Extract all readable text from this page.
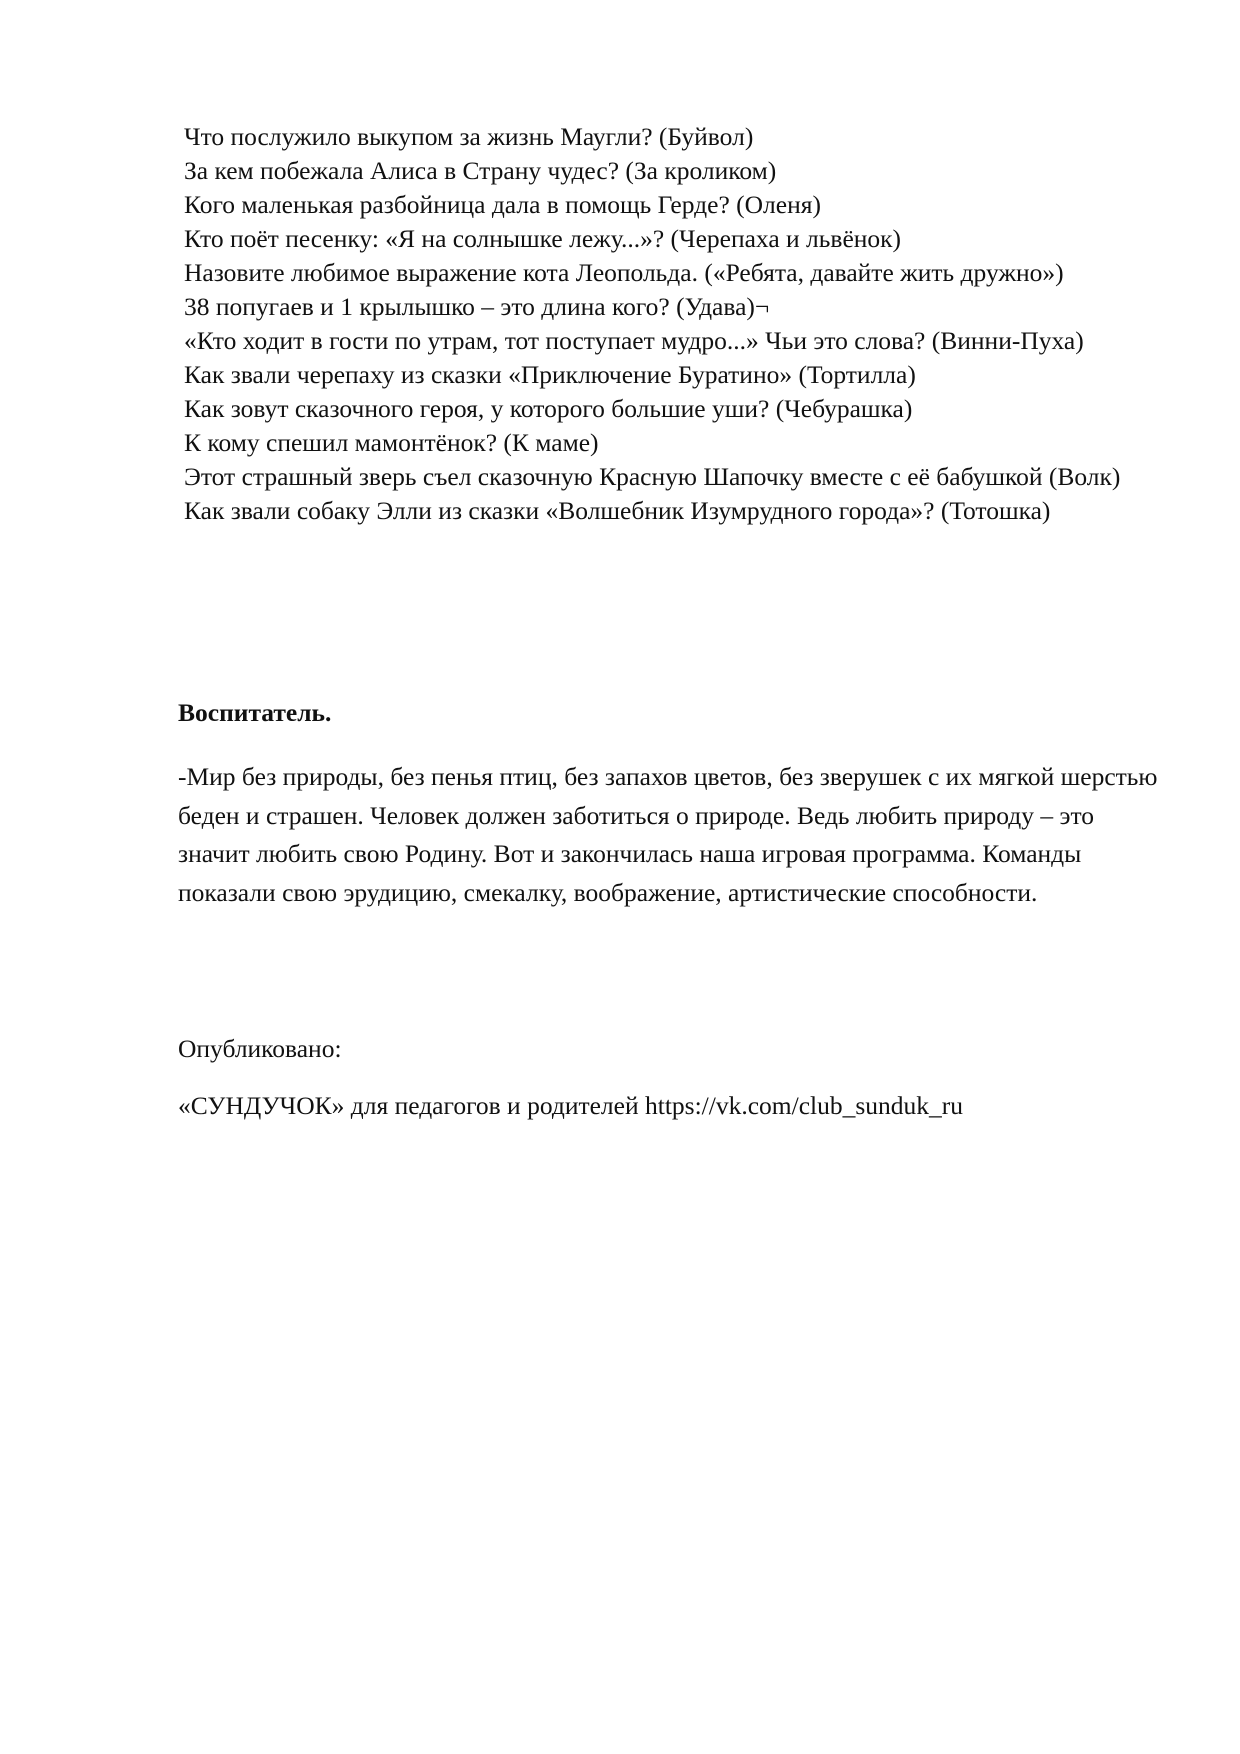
Что послужило выкупом за жизнь Маугли? (Буйвол)
За кем побежала Алиса в Страну чудес? (За кроликом)
Кого маленькая разбойница дала в помощь Герде? (Оленя)
Кто поёт песенку: «Я на солнышке лежу...»? (Черепаха и львёнок)
Назовите любимое выражение кота Леопольда. («Ребята, давайте жить дружно»)
38 попугаев и 1 крылышко – это длина кого? (Удава)¬
«Кто ходит в гости по утрам, тот поступает мудро...» Чьи это слова? (Винни-Пуха)
Как звали черепаху из сказки «Приключение Буратино» (Тортилла)
Как зовут сказочного героя, у которого большие уши? (Чебурашка)
К кому спешил мамонтёнок? (К маме)
Этот страшный зверь съел сказочную Красную Шапочку вместе с её бабушкой (Волк)
Как звали собаку Элли из сказки «Волшебник Изумрудного города»? (Тотошка)

Воспитатель.

-Мир без природы, без пенья птиц, без запахов цветов, без зверушек с их мягкой шерстью беден и страшен. Человек должен заботиться о природе. Ведь любить природу – это значит любить свою Родину. Вот и закончилась наша игровая программа. Команды показали свою эрудицию, смекалку, воображение, артистические способности.

Опубликовано:

«СУНДУЧОК» для педагогов и родителей https://vk.com/club_sunduk_ru
